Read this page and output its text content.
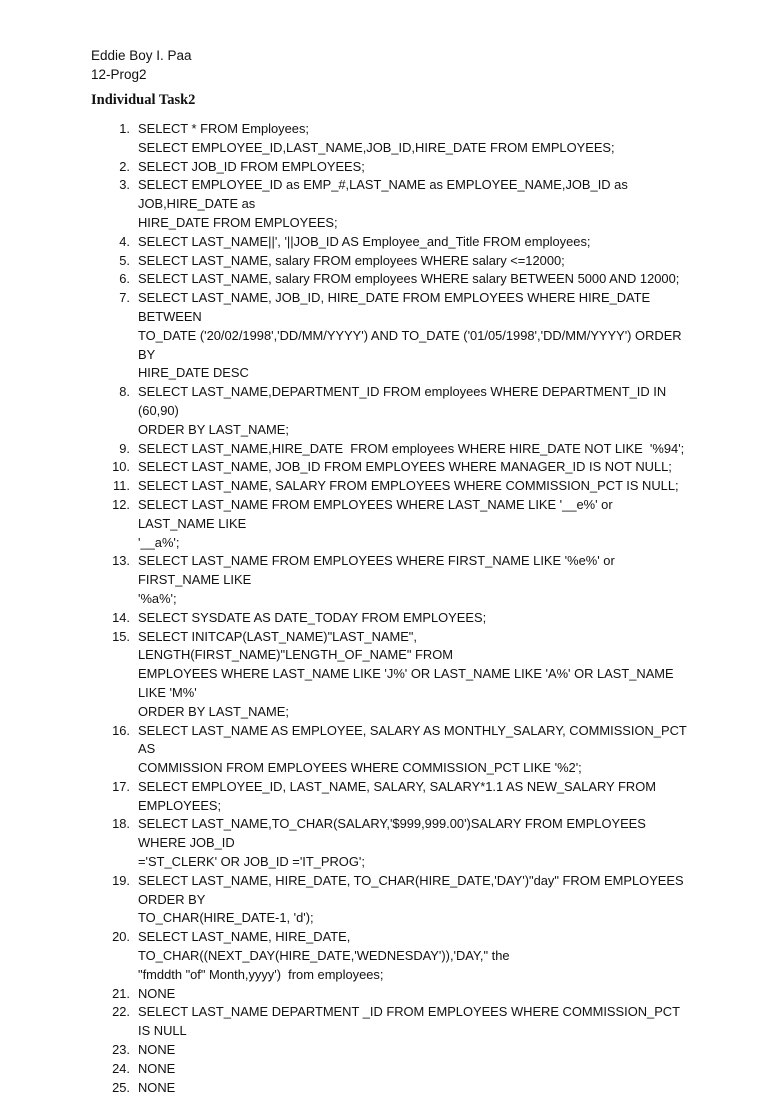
Eddie Boy I. Paa
12-Prog2
Individual Task2
1. SELECT * FROM Employees;
SELECT EMPLOYEE_ID,LAST_NAME,JOB_ID,HIRE_DATE FROM EMPLOYEES;
2. SELECT JOB_ID FROM EMPLOYEES;
3. SELECT EMPLOYEE_ID as EMP_#,LAST_NAME as EMPLOYEE_NAME,JOB_ID as JOB,HIRE_DATE as
HIRE_DATE FROM EMPLOYEES;
4. SELECT LAST_NAME||', '||JOB_ID AS Employee_and_Title FROM employees;
5. SELECT LAST_NAME, salary FROM employees WHERE salary <=12000;
6. SELECT LAST_NAME, salary FROM employees WHERE salary BETWEEN 5000 AND 12000;
7. SELECT LAST_NAME, JOB_ID, HIRE_DATE FROM EMPLOYEES WHERE HIRE_DATE BETWEEN
TO_DATE ('20/02/1998','DD/MM/YYYY') AND TO_DATE ('01/05/1998','DD/MM/YYYY') ORDER BY
HIRE_DATE DESC
8. SELECT LAST_NAME,DEPARTMENT_ID FROM employees WHERE DEPARTMENT_ID IN (60,90)
ORDER BY LAST_NAME;
9. SELECT LAST_NAME,HIRE_DATE  FROM employees WHERE HIRE_DATE NOT LIKE  '%94';
10. SELECT LAST_NAME, JOB_ID FROM EMPLOYEES WHERE MANAGER_ID IS NOT NULL;
11. SELECT LAST_NAME, SALARY FROM EMPLOYEES WHERE COMMISSION_PCT IS NULL;
12. SELECT LAST_NAME FROM EMPLOYEES WHERE LAST_NAME LIKE '__e%' or LAST_NAME LIKE
'__a%';
13. SELECT LAST_NAME FROM EMPLOYEES WHERE FIRST_NAME LIKE '%e%' or FIRST_NAME LIKE
'%a%';
14. SELECT SYSDATE AS DATE_TODAY FROM EMPLOYEES;
15. SELECT INITCAP(LAST_NAME)"LAST_NAME", LENGTH(FIRST_NAME)"LENGTH_OF_NAME" FROM
EMPLOYEES WHERE LAST_NAME LIKE 'J%' OR LAST_NAME LIKE 'A%' OR LAST_NAME LIKE 'M%'
ORDER BY LAST_NAME;
16. SELECT LAST_NAME AS EMPLOYEE, SALARY AS MONTHLY_SALARY, COMMISSION_PCT AS
COMMISSION FROM EMPLOYEES WHERE COMMISSION_PCT LIKE '%2';
17. SELECT EMPLOYEE_ID, LAST_NAME, SALARY, SALARY*1.1 AS NEW_SALARY FROM EMPLOYEES;
18. SELECT LAST_NAME,TO_CHAR(SALARY,'$999,999.00')SALARY FROM EMPLOYEES WHERE JOB_ID
='ST_CLERK' OR JOB_ID ='IT_PROG';
19. SELECT LAST_NAME, HIRE_DATE, TO_CHAR(HIRE_DATE,'DAY')"day" FROM EMPLOYEES ORDER BY
TO_CHAR(HIRE_DATE-1, 'd');
20. SELECT LAST_NAME, HIRE_DATE, TO_CHAR((NEXT_DAY(HIRE_DATE,'WEDNESDAY')),'DAY," the
"fmddth "of" Month,yyyy')  from employees;
21. NONE
22. SELECT LAST_NAME DEPARTMENT _ID FROM EMPLOYEES WHERE COMMISSION_PCT IS NULL
23. NONE
24. NONE
25. NONE
